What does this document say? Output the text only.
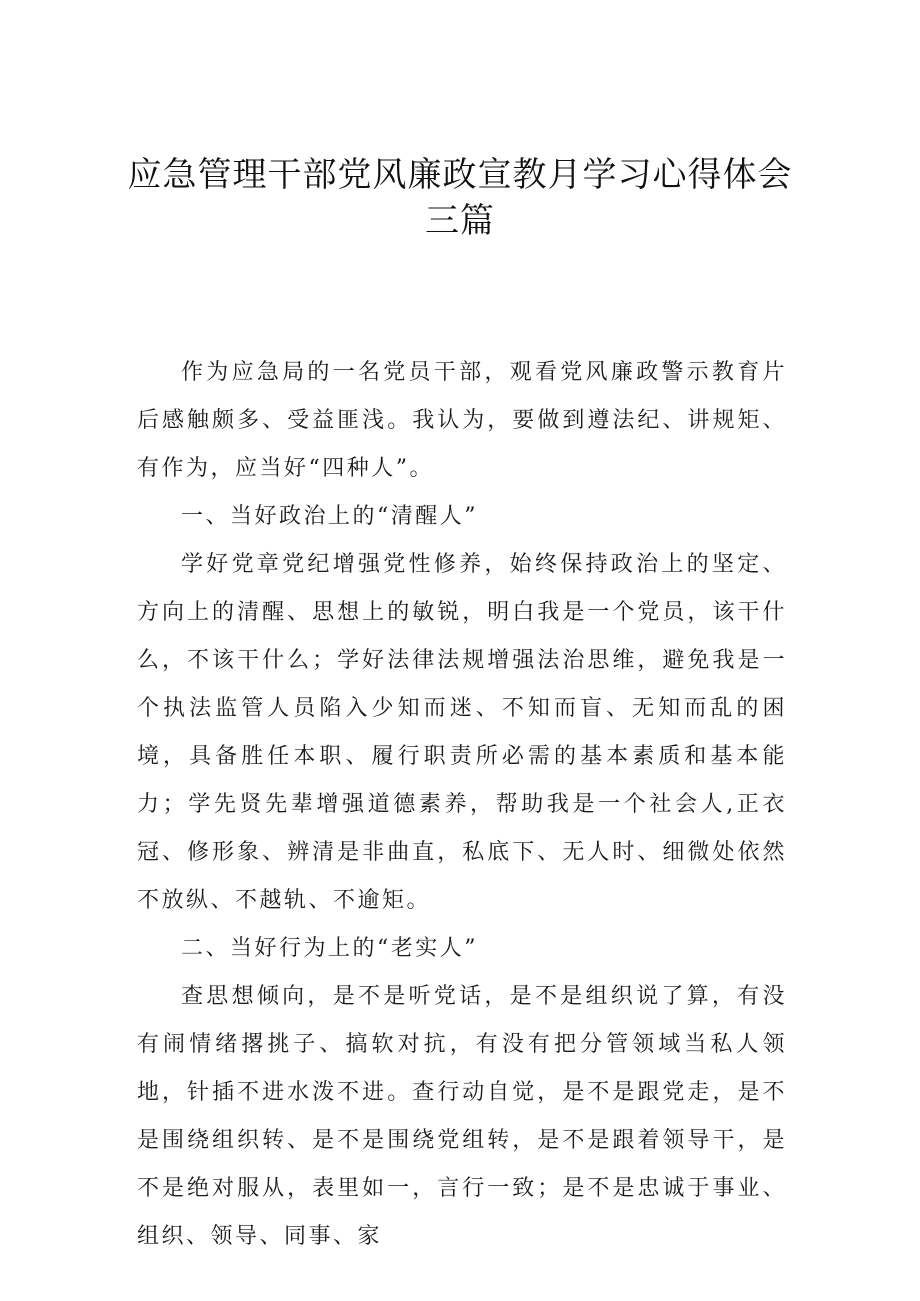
应急管理干部党风廉政宣教月学习心得体会三篇

作为应急局的一名党员干部，观看党风廉政警示教育片后感触颇多、受益匪浅。我认为，要做到遵法纪、讲规矩、有作为，应当好“四种人”。

一、当好政治上的“清醒人”

学好党章党纪增强党性修养，始终保持政治上的坚定、方向上的清醒、思想上的敏锐，明白我是一个党员，该干什么，不该干什么；学好法律法规增强法治思维，避免我是一个执法监管人员陷入少知而迷、不知而盲、无知而乱的困境，具备胜任本职、履行职责所必需的基本素质和基本能力；学先贤先辈增强道德素养，帮助我是一个社会人,正衣冠、修形象、辨清是非曲直，私底下、无人时、细微处依然不放纵、不越轨、不逾矩。

二、当好行为上的“老实人”

查思想倾向，是不是听党话，是不是组织说了算，有没有闹情绪撂挑子、搞软对抗，有没有把分管领域当私人领地，针插不进水泼不进。查行动自觉，是不是跟党走，是不是围绕组织转、是不是围绕党组转，是不是跟着领导干，是不是绝对服从，表里如一，言行一致；是不是忠诚于事业、组织、领导、同事、家
